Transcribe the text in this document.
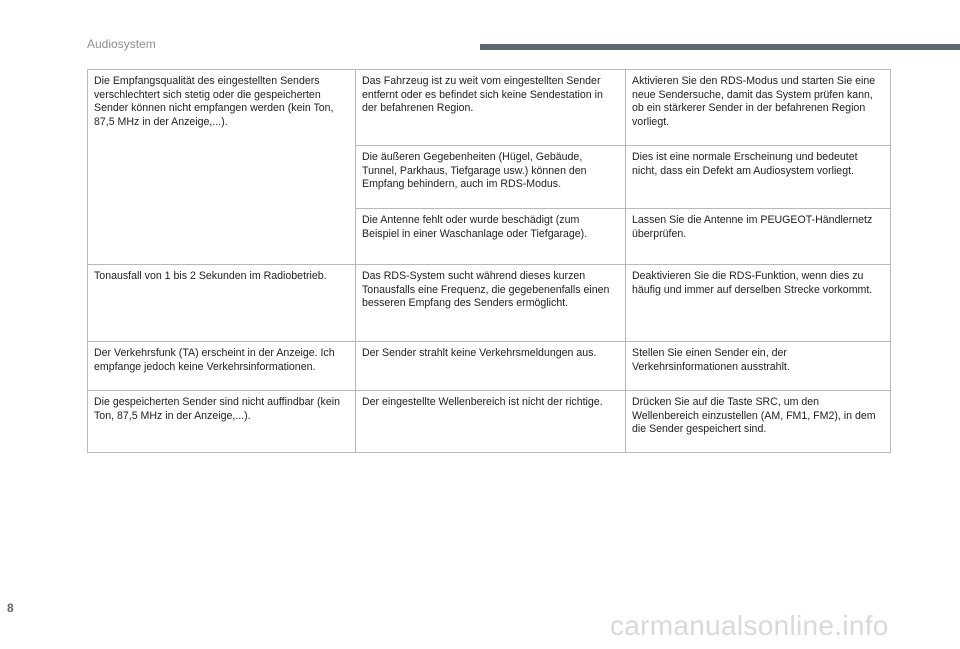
Audiosystem
Die Empfangsqualität des eingestellten Senders verschlechtert sich stetig oder die gespeicherten Sender können nicht empfangen werden (kein Ton, 87,5 MHz in der Anzeige,...).	Das Fahrzeug ist zu weit vom eingestellten Sender entfernt oder es befindet sich keine Sendestation in der befahrenen Region.	Aktivieren Sie den RDS-Modus und starten Sie eine neue Sendersuche, damit das System prüfen kann, ob ein stärkerer Sender in der befahrenen Region vorliegt.
	Die äußeren Gegebenheiten (Hügel, Gebäude, Tunnel, Parkhaus, Tiefgarage usw.) können den Empfang behindern, auch im RDS-Modus.	Dies ist eine normale Erscheinung und bedeutet nicht, dass ein Defekt am Audiosystem vorliegt.
	Die Antenne fehlt oder wurde beschädigt (zum Beispiel in einer Waschanlage oder Tiefgarage).	Lassen Sie die Antenne im PEUGEOT-Händlernetz überprüfen.
Tonausfall von 1 bis 2 Sekunden im Radiobetrieb.	Das RDS-System sucht während dieses kurzen Tonausfalls eine Frequenz, die gegebenenfalls einen besseren Empfang des Senders ermöglicht.	Deaktivieren Sie die RDS-Funktion, wenn dies zu häufig und immer auf derselben Strecke vorkommt.
Der Verkehrsfunk (TA) erscheint in der Anzeige. Ich empfange jedoch keine Verkehrsinformationen.	Der Sender strahlt keine Verkehrsmeldungen aus.	Stellen Sie einen Sender ein, der Verkehrsinformationen ausstrahlt.
Die gespeicherten Sender sind nicht auffindbar (kein Ton, 87,5 MHz in der Anzeige,...).	Der eingestellte Wellenbereich ist nicht der richtige.	Drücken Sie auf die Taste SRC, um den Wellenbereich einzustellen (AM, FM1, FM2), in dem die Sender gespeichert sind.
8
carmanualsonline.info
